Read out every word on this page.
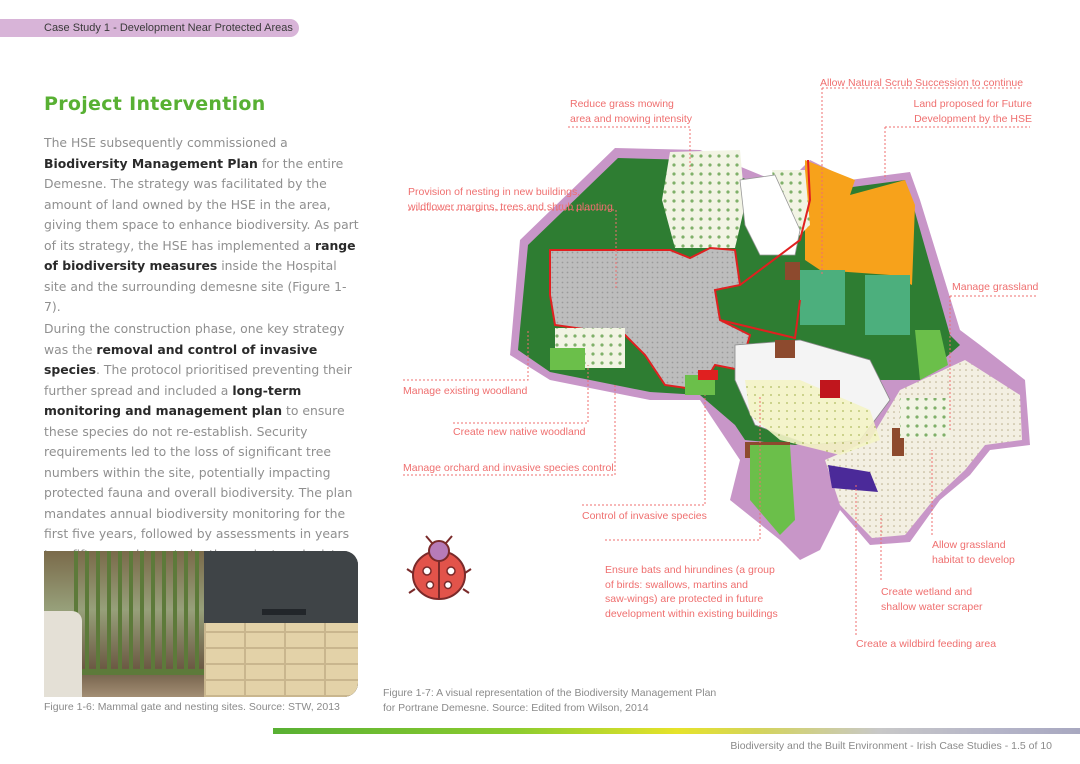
Case Study 1 - Development Near Protected Areas
Project Intervention

The HSE subsequently commissioned a Biodiversity Management Plan for the entire Demesne. The strategy was facilitated by the amount of land owned by the HSE in the area, giving them space to enhance biodiversity. As part of its strategy, the HSE has implemented a range of biodiversity measures inside the Hospital site and the surrounding demesne site (Figure 1-7).

During the construction phase, one key strategy was the removal and control of invasive species. The protocol prioritised preventing their further spread and included a long-term monitoring and management plan to ensure these species do not re-establish. Security requirements led to the loss of significant tree numbers within the site, potentially impacting protected fauna and overall biodiversity. The plan mandates annual biodiversity monitoring for the first five years, followed by assessments in years

Figure 1-6: Mammal gate and nesting sites. Source: STW, 2013
Reduce grass mowing
area and mowing intensity
Allow Natural Scrub Succession to continue
Land proposed for Future
Development by the HSE
Provision of nesting in new buildings,
wildflower margins, trees and shrub planting
Manage grassland
Manage existing woodland
Create new native woodland
Manage orchard and invasive species control
Control of invasive species
Ensure bats and hirundines (a group
of birds: swallows, martins and
saw-wings) are protected in future
development within existing buildings
Allow grassland
habitat to develop
Create wetland and
shallow water scraper
Create a wildbird feeding area
Figure 1-7: A visual representation of the Biodiversity Management Plan
for Portrane Demesne. Source: Edited from Wilson, 2014
Biodiversity and the Built Environment - Irish Case Studies - 1.5 of 10
